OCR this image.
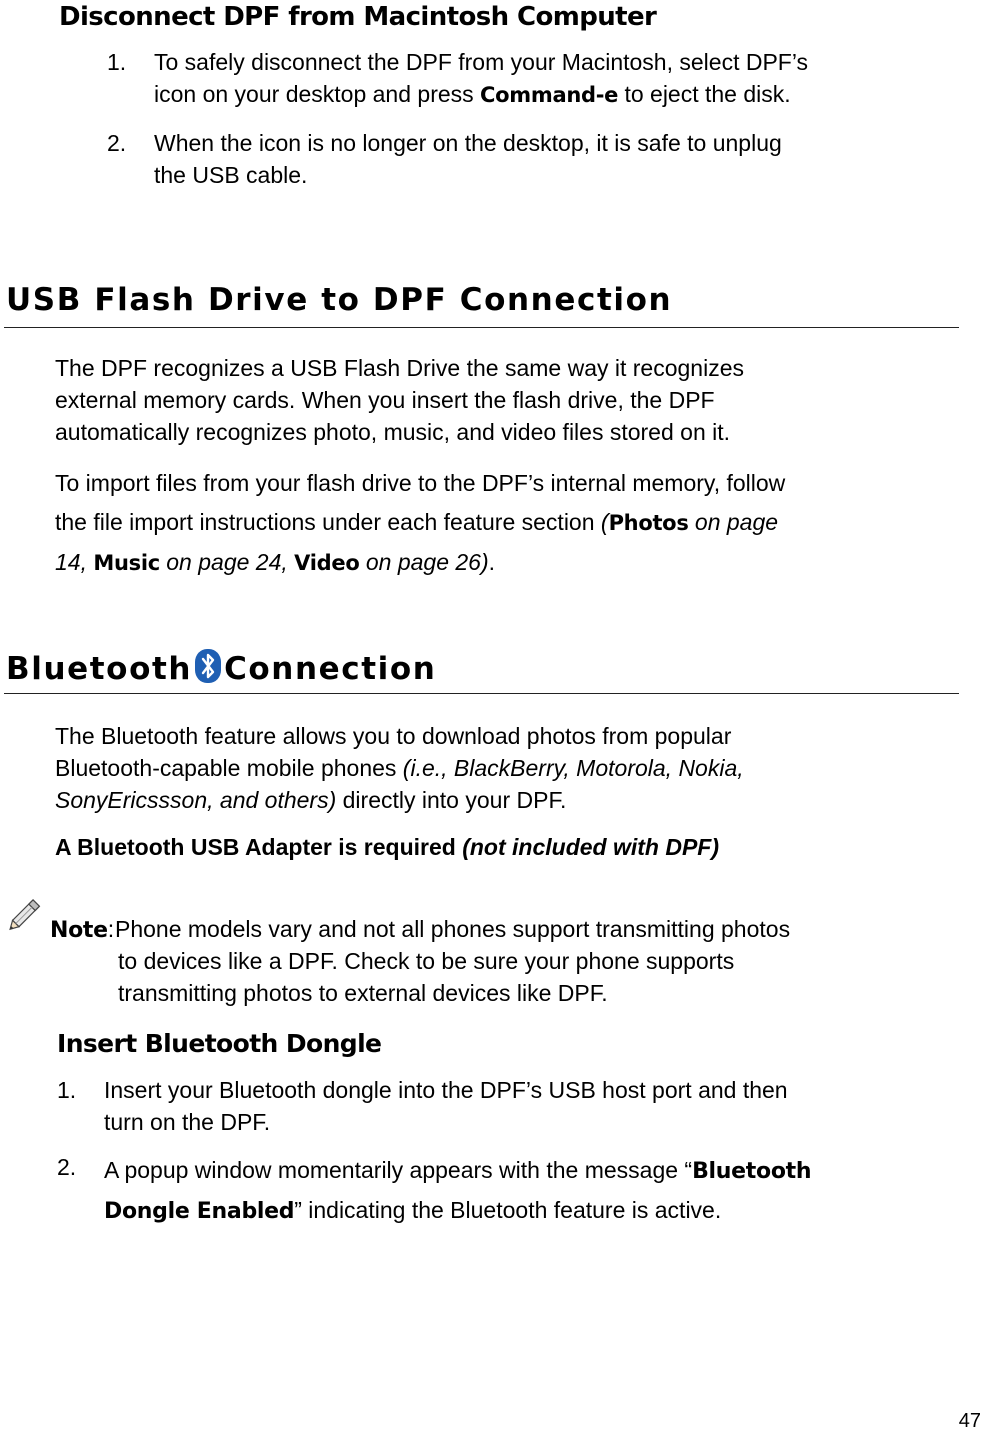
Disconnect DPF from Macintosh Computer
1. To safely disconnect the DPF from your Macintosh, select DPF’s
icon on your desktop and press Command-e to eject the disk.
2. When the icon is no longer on the desktop, it is safe to unplug
the USB cable.
USB Flash Drive to DPF Connection
The DPF recognizes a USB Flash Drive the same way it recognizes
external memory cards. When you insert the flash drive, the DPF
automatically recognizes photo, music, and video files stored on it.
To import files from your flash drive to the DPF’s internal memory, follow
the file import instructions under each feature section (Photos on page
14, Music on page 24, Video on page 26).
Bluetooth Connection
The Bluetooth feature allows you to download photos from popular
Bluetooth-capable mobile phones (i.e., BlackBerry, Motorola, Nokia,
SonyEricssson, and others) directly into your DPF.
A Bluetooth USB Adapter is required (not included with DPF)
Note: Phone models vary and not all phones support transmitting photos
to devices like a DPF. Check to be sure your phone supports
transmitting photos to external devices like DPF.
Insert Bluetooth Dongle
1. Insert your Bluetooth dongle into the DPF’s USB host port and then
turn on the DPF.
2. A popup window momentarily appears with the message “Bluetooth
Dongle Enabled” indicating the Bluetooth feature is active.
47
